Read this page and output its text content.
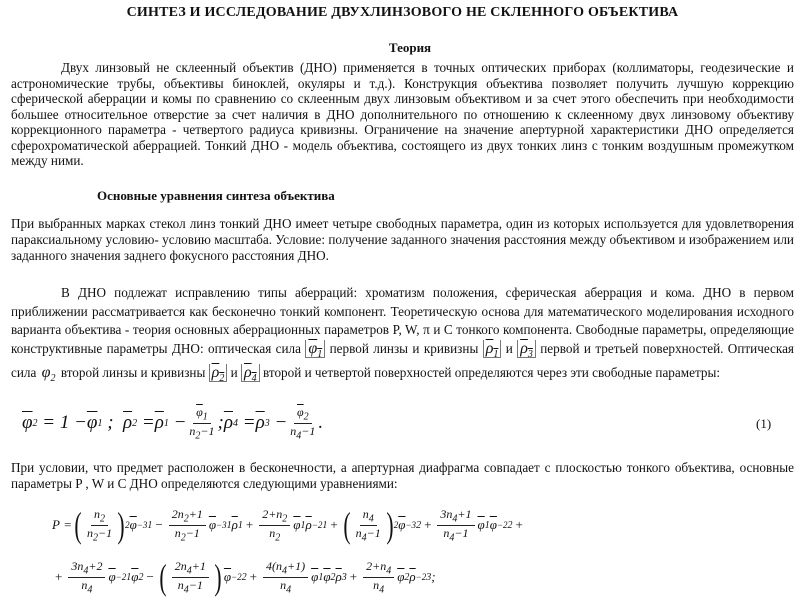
СИНТЕЗ И ИССЛЕДОВАНИЕ ДВУХЛИНЗОВОГО НЕ СКЛЕННОГО ОБЪЕКТИВА
Теория

Двух линзовый не склеенный объектив (ДНО) применяется в точных оптических приборах (коллиматоры, геодезические и астрономические трубы, объективы биноклей, окуляры и т.д.). Конструкция объектива позволяет получить лучшую коррекцию сферической аберрации и комы по сравнению со склеенным двух линзовым объективом и за счет этого обеспечить при необходимости большее относительное отверстие за счет наличия в ДНО дополнительного по отношению к склеенному двух линзовому объективу коррекционного параметра - четвертого радиуса кривизны. Ограничение на значение апертурной характеристики ДНО определяется сферохроматической аберрацией. Тонкий ДНО - модель объектива, состоящего из двух тонких линз с тонким воздушным промежутком между ними.

Основные уравнения синтеза объектива

При выбранных марках стекол линз тонкий ДНО имеет четыре свободных параметра, один из которых используется для удовлетворения параксиальному условию- условию масштаба. Условие: получение заданного значения расстояния между объективом и изображением или заданного значения заднего фокусного расстояния ДНО.

В ДНО подлежат исправлению типы аберраций: хроматизм положения, сферическая аберрация и кома. ДНО в первом приближении рассматривается как бесконечно тонкий компонент. Теоретическую основа для математического моделирования исходного варианта объектива - теория основных аберрационных параметров P, W, π и C тонкого компонента. Свободные параметры, определяющие конструктивные параметры ДНО: оптическая сила $\varphi_1$ первой линзы и кривизны $\rho_1$ и $\rho_3$ первой и третьей поверхностей. Оптическая сила $\varphi_2$ второй линзы и кривизны $\rho_2$ и $\rho_4$ второй и четвертой поверхностей определяются через эти свободные параметры:

$\overline{\varphi}$ $2 = 1 - \overline{\varphi}$ 1 ; $\overline{\rho}$ $2 = \overline{\rho}$ $1 - \frac{\overline{\varphi}_1}{n_2-1}$ ; $\overline{\rho}$ $4 = \overline{\rho}$ $3 - \frac{\overline{\varphi}_2}{n_4-1}$ .	(1)

При условии, что предмет расположен в бесконечности, а апертурная диафрагма совпадает с плоскостью тонкого объектива, основные параметры P , W и C ДНО определяются следующими уравнениями:

P = ( $\frac{n_2}{n_2-1}$ ) 2 $\overline{\varphi} -3$ $1 - \frac{2n_2+1}{n_2-1} \overline{\varphi} -3$ 1 $\overline{\rho}$ $1 + \frac{2+n_2}{n_2} \overline{\varphi}$ 1 $\overline{\rho} -2$ 1 + ( $\frac{n_4}{n_4-1}$ ) 2 $\overline{\varphi} -3$ $2 + \frac{3n_4+1}{n_4-1} \overline{\varphi}$ 1 $\overline{\varphi} -2$ 2 +
+ $\frac{3n_4+2}{n_4} \overline{\varphi} -2$ 1 $\overline{\varphi}$ 2 − ( $\frac{2n_4+1}{n_4-1}$ ) $\overline{\varphi} -2$ $2 + \frac{4(n_4+1)}{n_4} \overline{\varphi}$ 1 $\overline{\varphi}$ 2 $\overline{\rho}$ $3 + \frac{2+n_4}{n_4} \overline{\varphi}$ 2 $\overline{\rho} -2$ 3 ;
